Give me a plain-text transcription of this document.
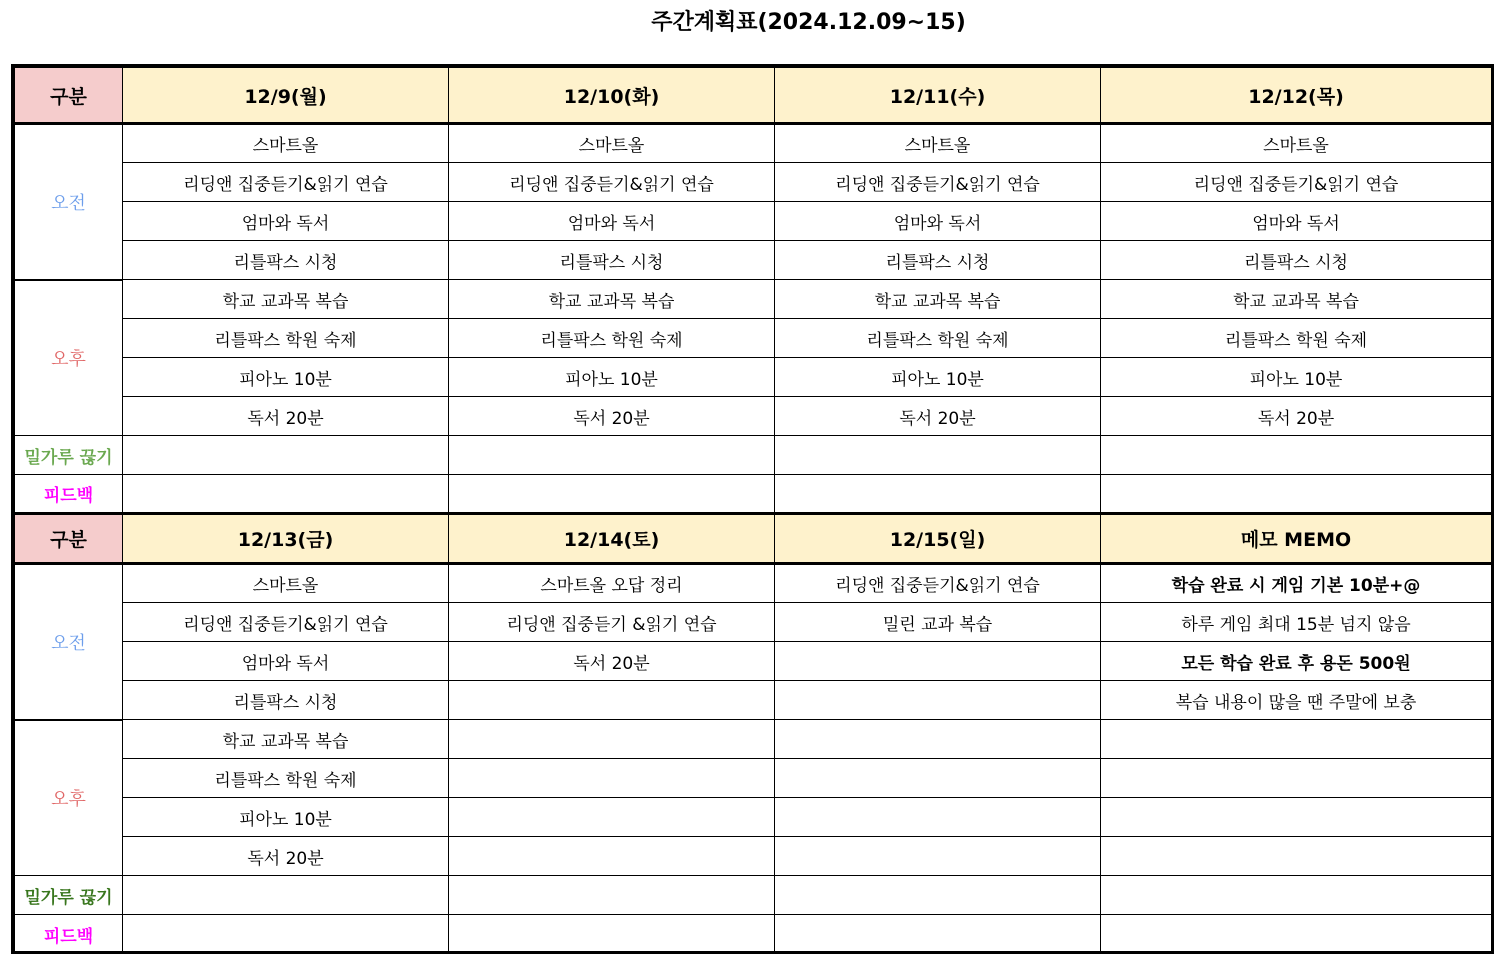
주간계획표(2024.12.09~15)
구분	12/9(월)	12/10(화)	12/11(수)	12/12(목)
오전	스마트올	스마트올	스마트올	스마트올
	리딩앤 집중듣기&읽기 연습	리딩앤 집중듣기&읽기 연습	리딩앤 집중듣기&읽기 연습	리딩앤 집중듣기&읽기 연습
	엄마와 독서	엄마와 독서	엄마와 독서	엄마와 독서
	리틀팍스 시청	리틀팍스 시청	리틀팍스 시청	리틀팍스 시청
오후	학교 교과목 복습	학교 교과목 복습	학교 교과목 복습	학교 교과목 복습
	리틀팍스 학원 숙제	리틀팍스 학원 숙제	리틀팍스 학원 숙제	리틀팍스 학원 숙제
	피아노 10분	피아노 10분	피아노 10분	피아노 10분
	독서 20분	독서 20분	독서 20분	독서 20분
밀가루 끊기				
피드백				
구분	12/13(금)	12/14(토)	12/15(일)	메모 MEMO
오전	스마트올	스마트올 오답 정리	리딩앤 집중듣기&읽기 연습	학습 완료 시 게임 기본 10분+@
	리딩앤 집중듣기&읽기 연습	리딩앤 집중듣기 &읽기 연습	밀린 교과 복습	하루 게임 최대 15분 넘지 않음
	엄마와 독서	독서 20분		모든 학습 완료 후 용돈 500원
	리틀팍스 시청			복습 내용이 많을 땐 주말에 보충
오후	학교 교과목 복습			
	리틀팍스 학원 숙제			
	피아노 10분			
	독서 20분			
밀가루 끊기				
피드백				
